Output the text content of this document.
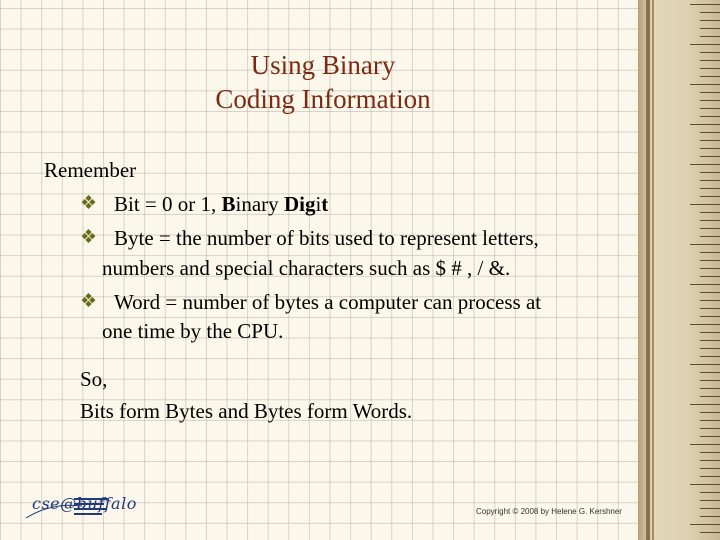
Using Binary
Coding Information
Remember
❖ Bit = 0 or 1, Binary Digit
❖ Byte = the number of bits used to represent letters,
numbers and special characters such as $ # , / &.
❖ Word = number of bytes a computer can process at
one time by the CPU.
So,
Bits form Bytes and Bytes form Words.
cse@buffalo	Copyright © 2008 by Helene G. Kershner
